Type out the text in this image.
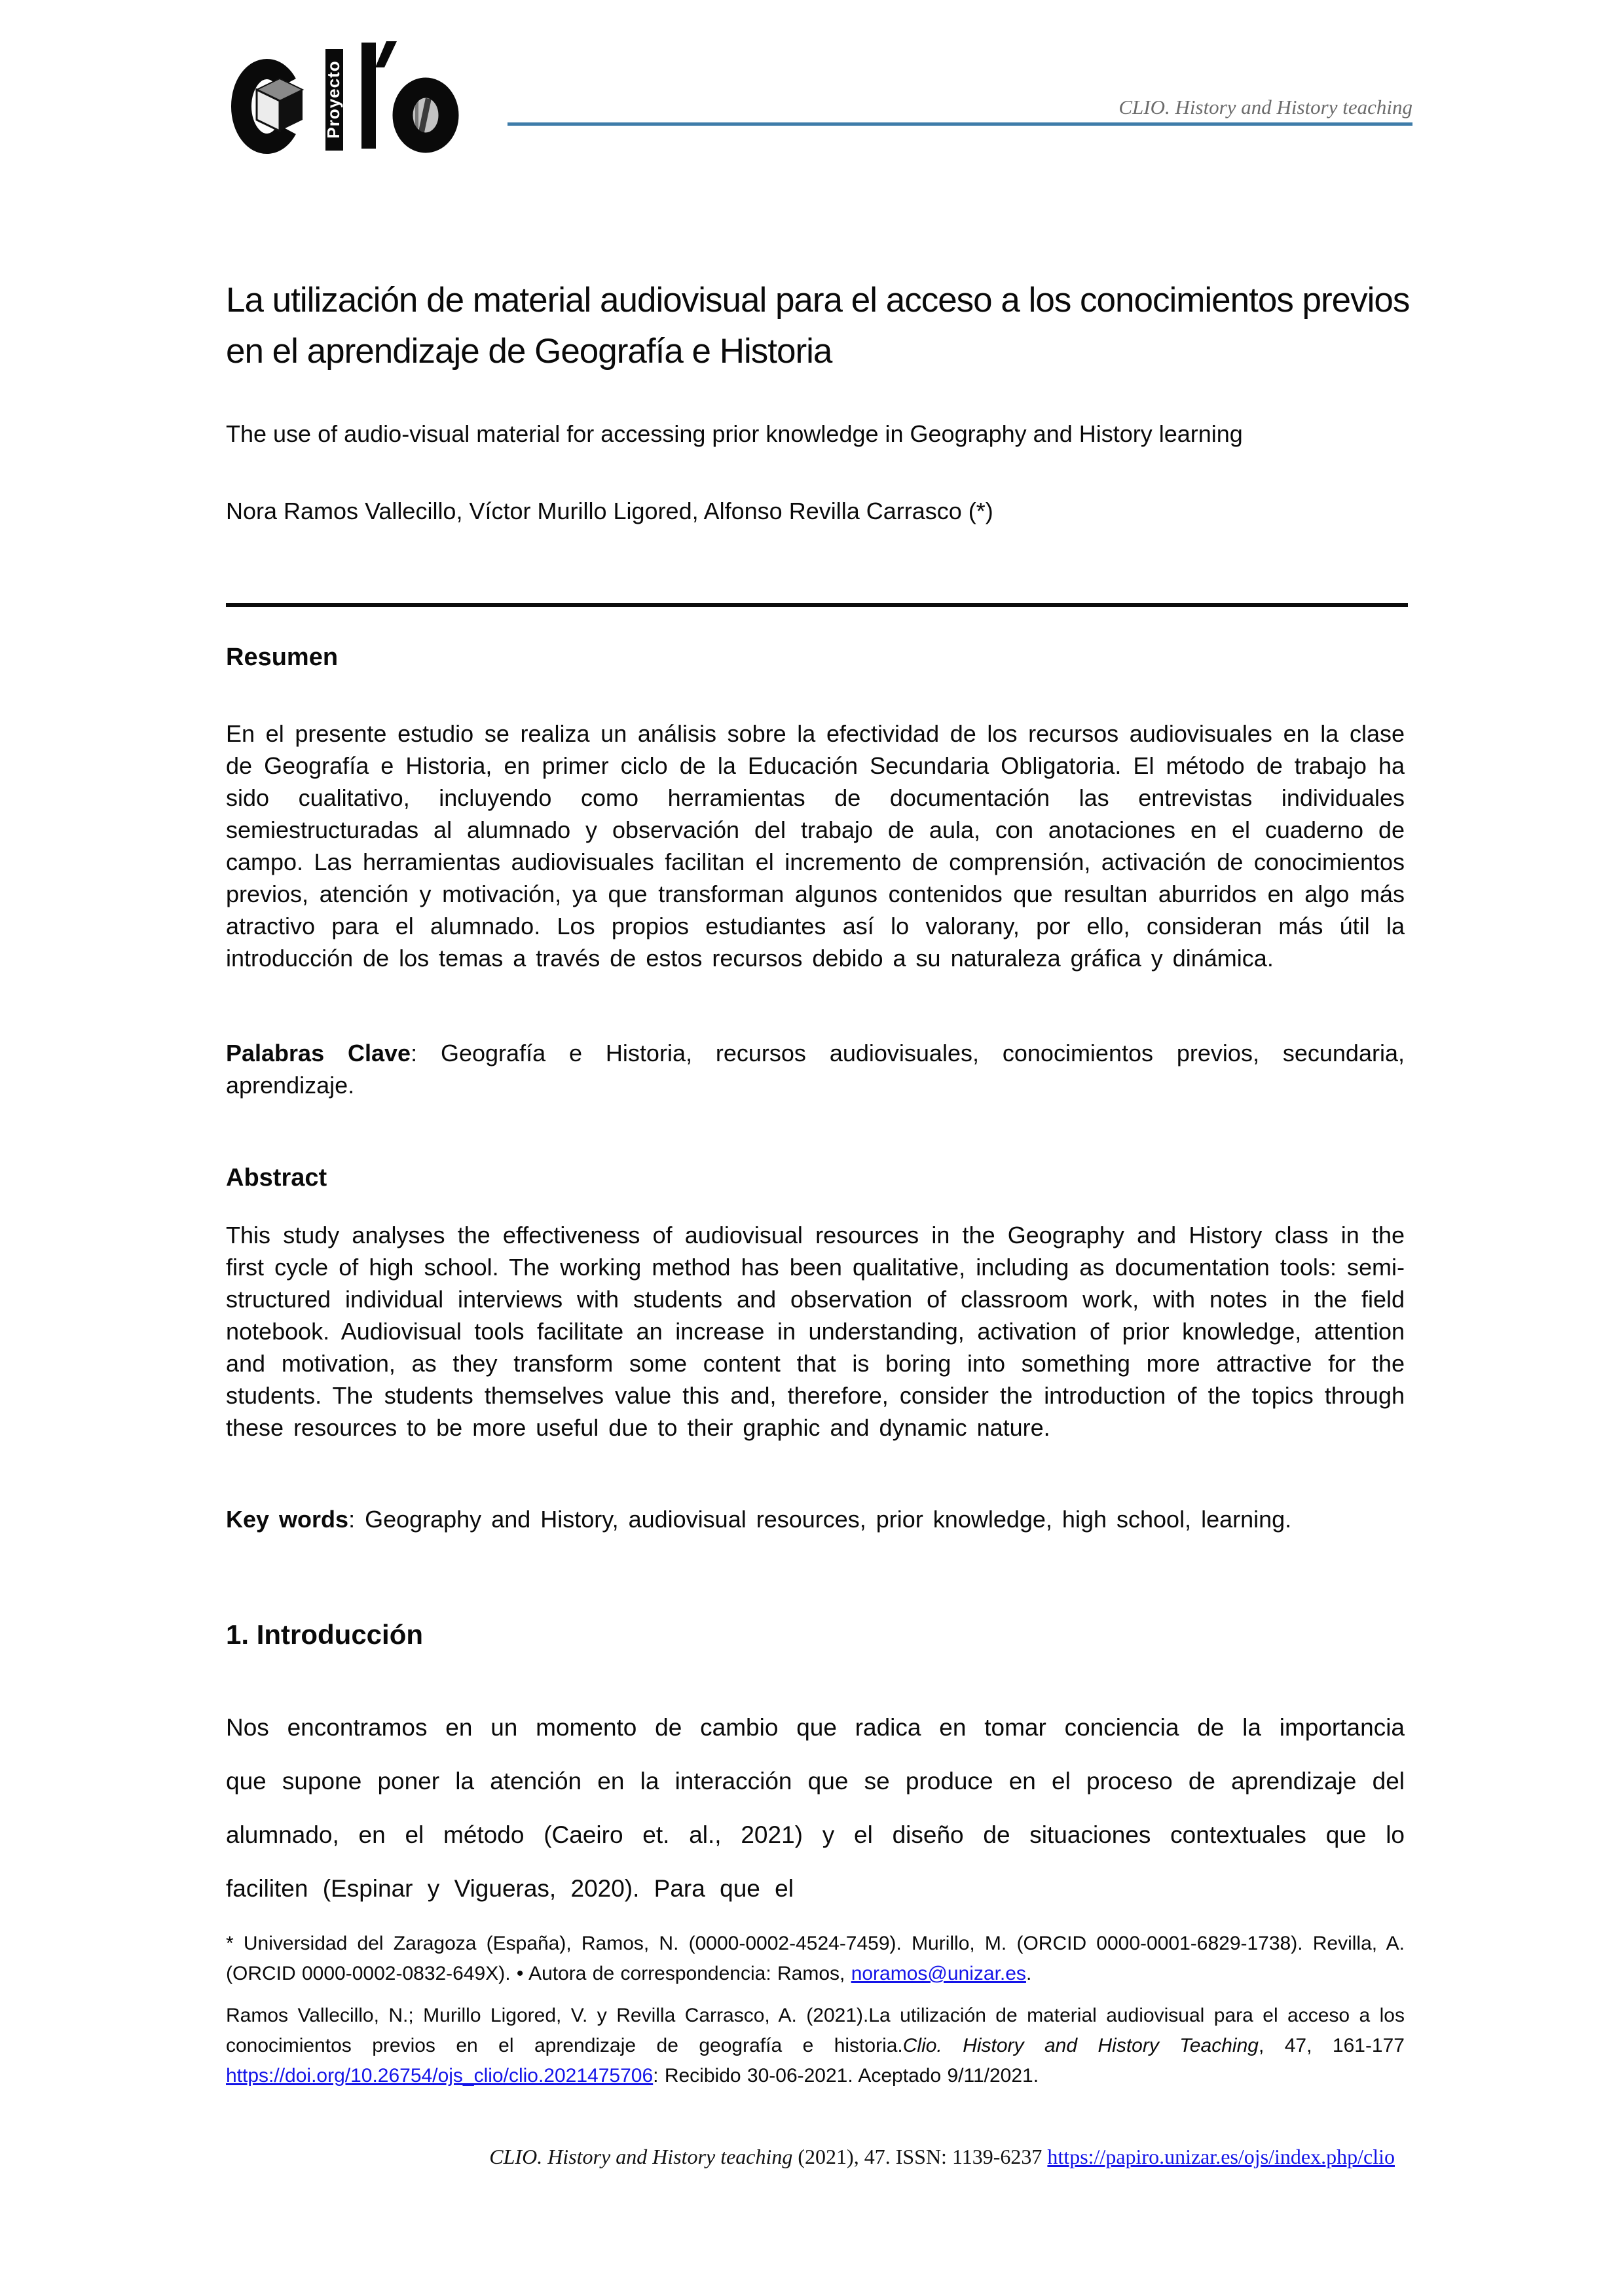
Proyecto	CLIO. History and History teaching
La utilización de material audiovisual para el acceso a los conocimientos previos en el aprendizaje de Geografía e Historia
The use of audio-visual material for accessing prior knowledge in Geography and History learning
Nora Ramos Vallecillo, Víctor Murillo Ligored, Alfonso Revilla Carrasco (*)
Resumen

En el presente estudio se realiza un análisis sobre la efectividad de los recursos audiovisuales en la clase de Geografía e Historia, en primer ciclo de la Educación Secundaria Obligatoria. El método de trabajo ha sido cualitativo, incluyendo como herramientas de documentación las entrevistas individuales semiestructuradas al alumnado y observación del trabajo de aula, con anotaciones en el cuaderno de campo. Las herramientas audiovisuales facilitan el incremento de comprensión, activación de conocimientos previos, atención y motivación, ya que transforman algunos contenidos que resultan aburridos en algo más atractivo para el alumnado. Los propios estudiantes así lo valorany, por ello, consideran más útil la introducción de los temas a través de estos recursos debido a su naturaleza gráfica y dinámica.

Palabras Clave: Geografía e Historia, recursos audiovisuales, conocimientos previos, secundaria, aprendizaje.

Abstract

This study analyses the effectiveness of audiovisual resources in the Geography and History class in the first cycle of high school. The working method has been qualitative, including as documentation tools: semi-structured individual interviews with students and observation of classroom work, with notes in the field notebook. Audiovisual tools facilitate an increase in understanding, activation of prior knowledge, attention and motivation, as they transform some content that is boring into something more attractive for the students. The students themselves value this and, therefore, consider the introduction of the topics through these resources to be more useful due to their graphic and dynamic nature.

Key words: Geography and History, audiovisual resources, prior knowledge, high school, learning.

1. Introducción

Nos encontramos en un momento de cambio que radica en tomar conciencia de la importancia que supone poner la atención en la interacción que se produce en el proceso de aprendizaje del alumnado, en el método (Caeiro et. al., 2021) y el diseño de situaciones contextuales que lo faciliten (Espinar y Vigueras, 2020). Para que el

* Universidad del Zaragoza (España), Ramos, N. (0000-0002-4524-7459). Murillo, M. (ORCID 0000-0001-6829-1738). Revilla, A. (ORCID 0000-0002-0832-649X). • Autora de correspondencia: Ramos, noramos@unizar.es.
Ramos Vallecillo, N.; Murillo Ligored, V. y Revilla Carrasco, A. (2021).La utilización de material audiovisual para el acceso a los conocimientos previos en el aprendizaje de geografía e historia.Clio. History and History Teaching, 47, 161-177 https://doi.org/10.26754/ojs_clio/clio.2021475706: Recibido 30-06-2021. Aceptado 9/11/2021.
CLIO. History and History teaching (2021), 47. ISSN: 1139-6237 https://papiro.unizar.es/ojs/index.php/clio
